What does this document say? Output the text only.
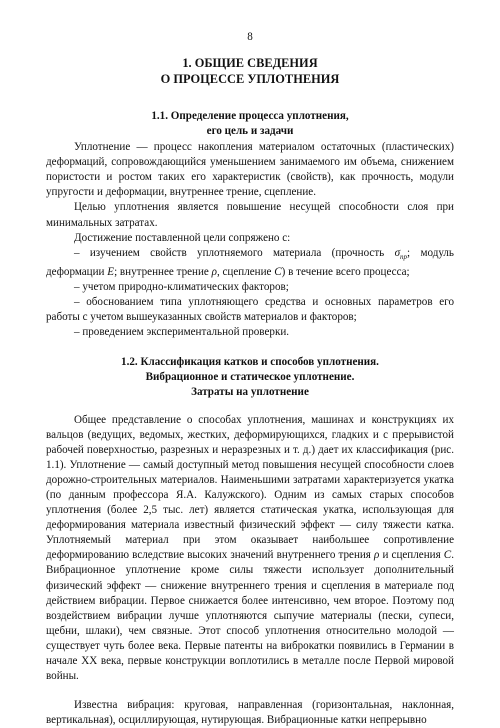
8
1. ОБЩИЕ СВЕДЕНИЯ
О ПРОЦЕССЕ УПЛОТНЕНИЯ
1.1. Определение процесса уплотнения,
его цель и задачи

Уплотнение — процесс накопления материалом остаточных (пластических) деформаций, сопровождающийся уменьшением занимаемого им объема, снижением пористости и ростом таких его характеристик (свойств), как прочность, модули упругости и деформации, внутреннее трение, сцепление.

Целью уплотнения является повышение несущей способности слоя при минимальных затратах.

Достижение поставленной цели сопряжено с:

– изучением свойств уплотняемого материала (прочность $\sigma_{пр}$; модуль деформации E; внутреннее трение ρ, сцепление C) в течение всего процесса;

– учетом природно-климатических факторов;

– обоснованием типа уплотняющего средства и основных параметров его работы с учетом вышеуказанных свойств материалов и факторов;

– проведением экспериментальной проверки.

1.2. Классификация катков и способов уплотнения.
Вибрационное и статическое уплотнение.
Затраты на уплотнение

Общее представление о способах уплотнения, машинах и конструкциях их вальцов (ведущих, ведомых, жестких, деформирующихся, гладких и с прерывистой рабочей поверхностью, разрезных и неразрезных и т. д.) дает их классификация (рис. 1.1). Уплотнение — самый доступный метод повышения несущей способности слоев дорожно-строительных материалов. Наименьшими затратами характеризуется укатка (по данным профессора Я.А. Калужского). Одним из самых старых способов уплотнения (более 2,5 тыс. лет) является статическая укатка, использующая для деформирования материала известный физический эффект — силу тяжести катка. Уплотняемый материал при этом оказывает наибольшее сопротивление деформированию вследствие высоких значений внутреннего трения ρ и сцепления C. Вибрационное уплотнение кроме силы тяжести использует дополнительный физический эффект — снижение внутреннего трения и сцепления в материале под действием вибрации. Первое снижается более интенсивно, чем второе. Поэтому под воздействием вибрации лучше уплотняются сыпучие материалы (пески, супеси, щебни, шлаки), чем связные. Этот способ уплотнения относительно молодой — существует чуть более века. Первые патенты на виброкатки появились в Германии в начале XX века, первые конструкции воплотились в металле после Первой мировой войны.

Известна вибрация: круговая, направленная (горизонтальная, наклонная, вертикальная), осциллирующая, нутирующая. Вибрационные катки непрерывно
